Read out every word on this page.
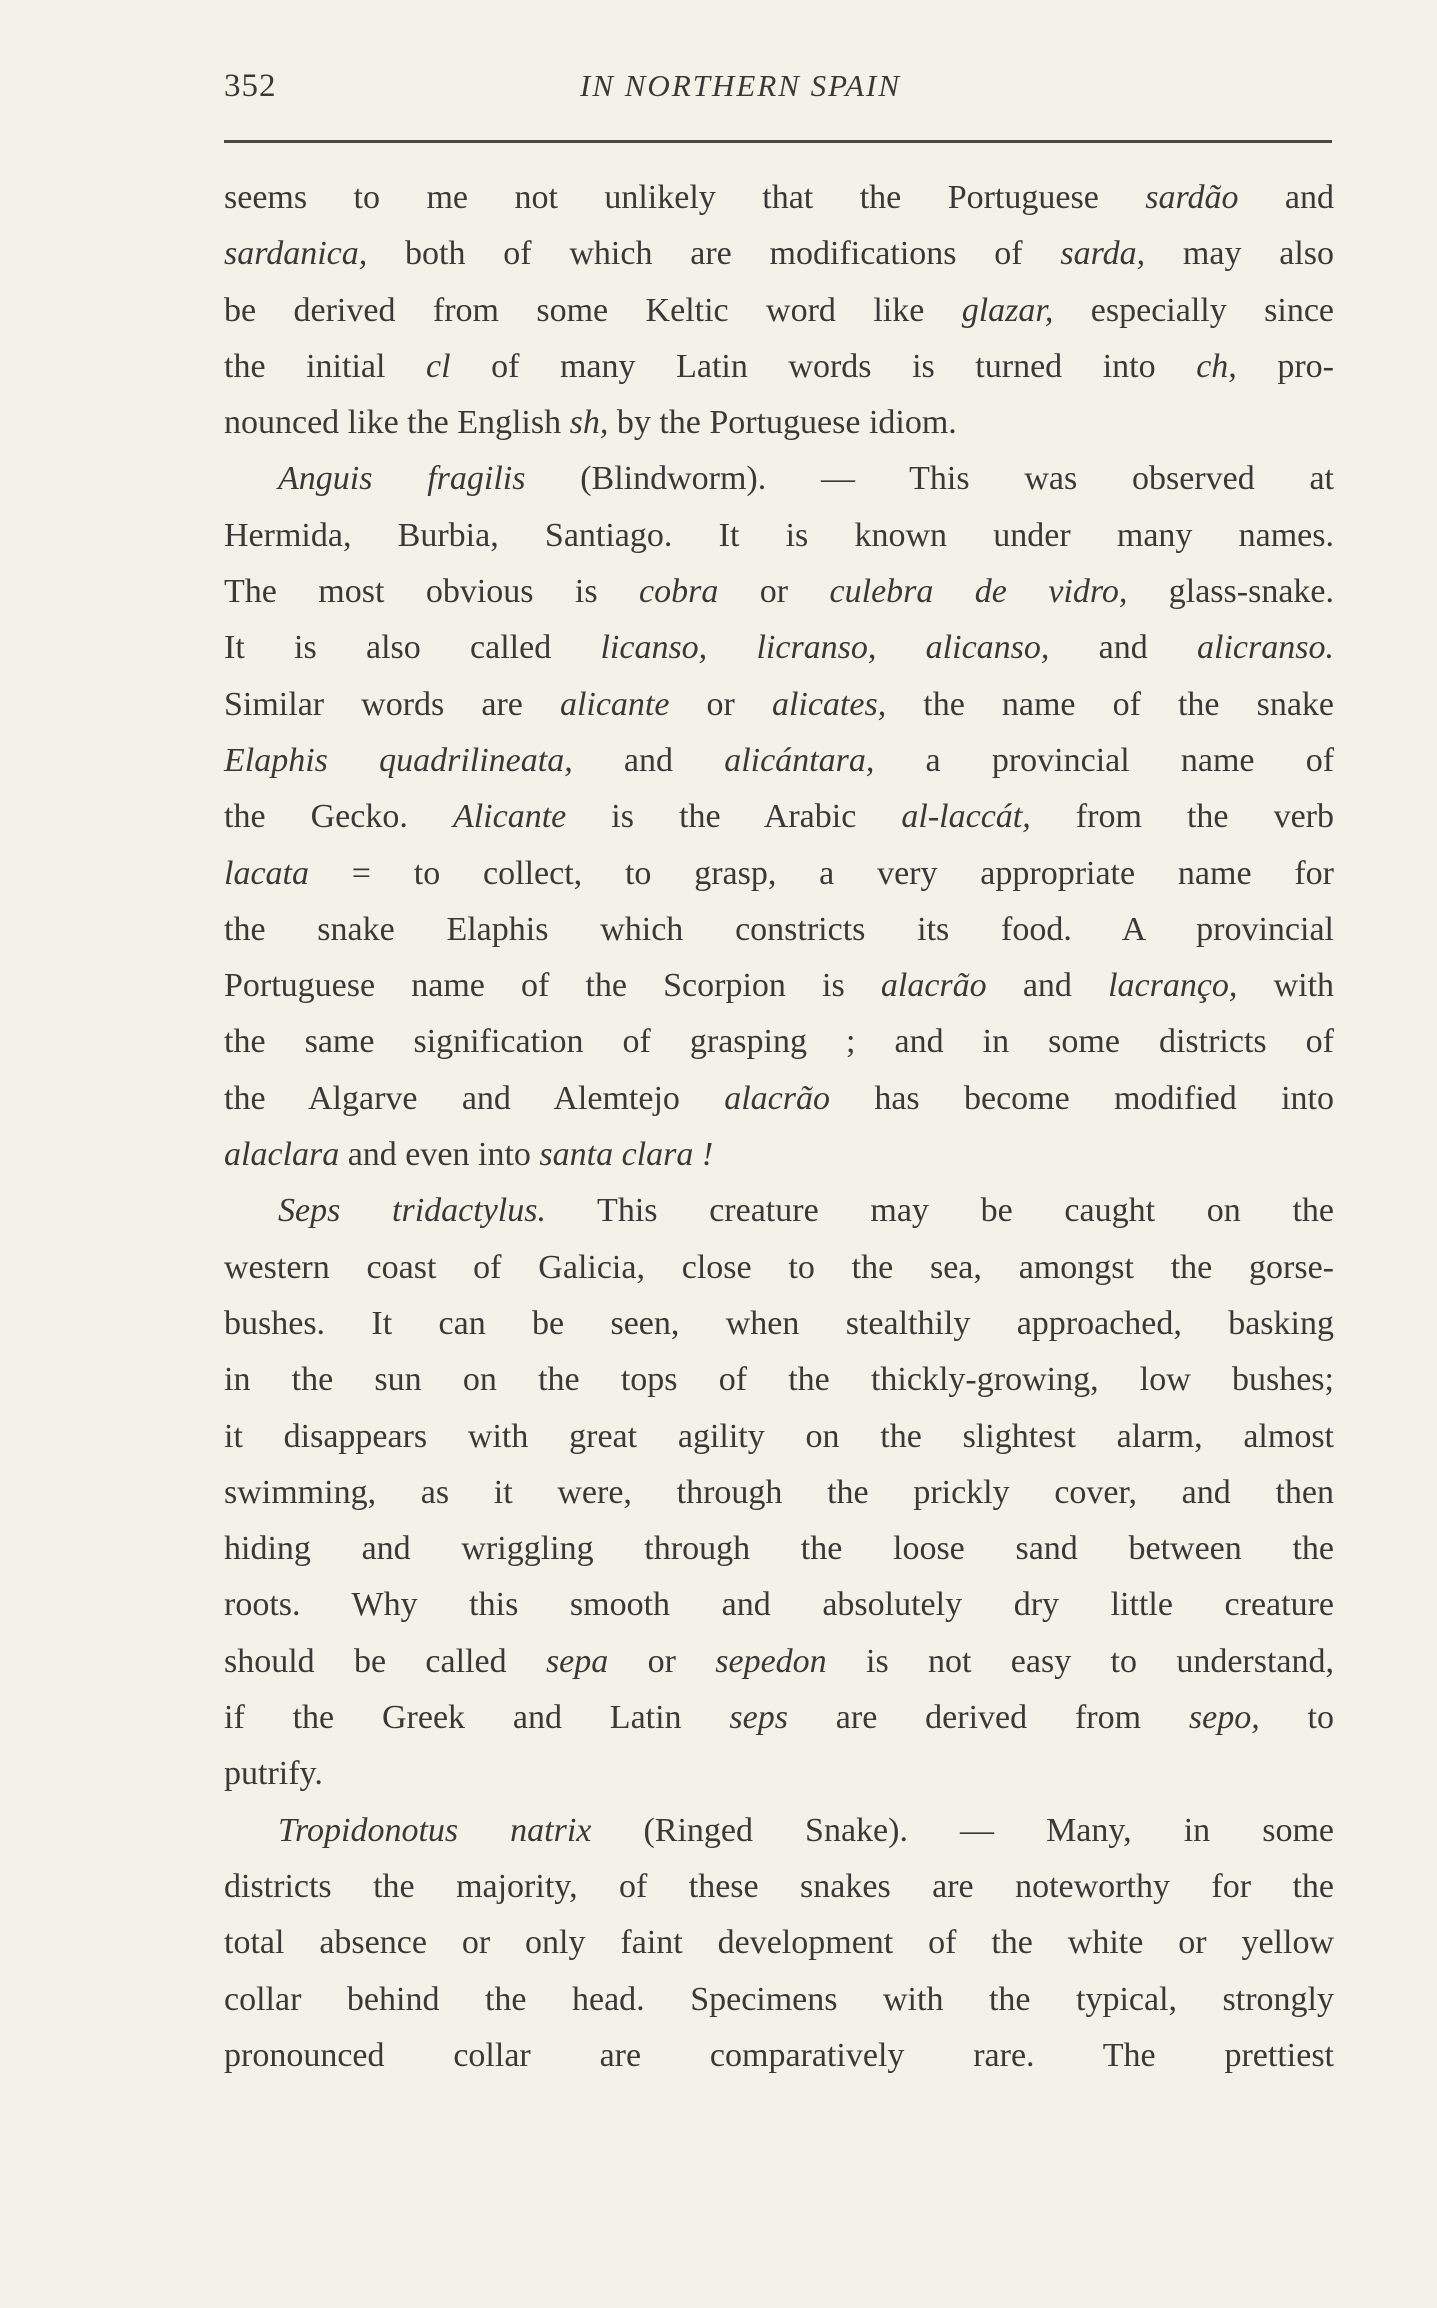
352	IN NORTHERN SPAIN
seems to me not unlikely that the Portuguese sardão and
sardanica, both of which are modifications of sarda, may also
be derived from some Keltic word like glazar, especially since
the initial cl of many Latin words is turned into ch, pro-
nounced like the English sh, by the Portuguese idiom.
Anguis fragilis (Blindworm). — This was observed at
Hermida, Burbia, Santiago. It is known under many names.
The most obvious is cobra or culebra de vidro, glass-snake.
It is also called licanso, licranso, alicanso, and alicranso.
Similar words are alicante or alicates, the name of the snake
Elaphis quadrilineata, and alicántara, a provincial name of
the Gecko. Alicante is the Arabic al-laccát, from the verb
lacata = to collect, to grasp, a very appropriate name for
the snake Elaphis which constricts its food. A provincial
Portuguese name of the Scorpion is alacrão and lacranço, with
the same signification of grasping ; and in some districts of
the Algarve and Alemtejo alacrão has become modified into
alaclara and even into santa clara !
Seps tridactylus. This creature may be caught on the
western coast of Galicia, close to the sea, amongst the gorse-
bushes. It can be seen, when stealthily approached, basking
in the sun on the tops of the thickly-growing, low bushes;
it disappears with great agility on the slightest alarm, almost
swimming, as it were, through the prickly cover, and then
hiding and wriggling through the loose sand between the
roots. Why this smooth and absolutely dry little creature
should be called sepa or sepedon is not easy to understand,
if the Greek and Latin seps are derived from sepo, to
putrify.
Tropidonotus natrix (Ringed Snake). — Many, in some
districts the majority, of these snakes are noteworthy for the
total absence or only faint development of the white or yellow
collar behind the head. Specimens with the typical, strongly
pronounced collar are comparatively rare. The prettiest
